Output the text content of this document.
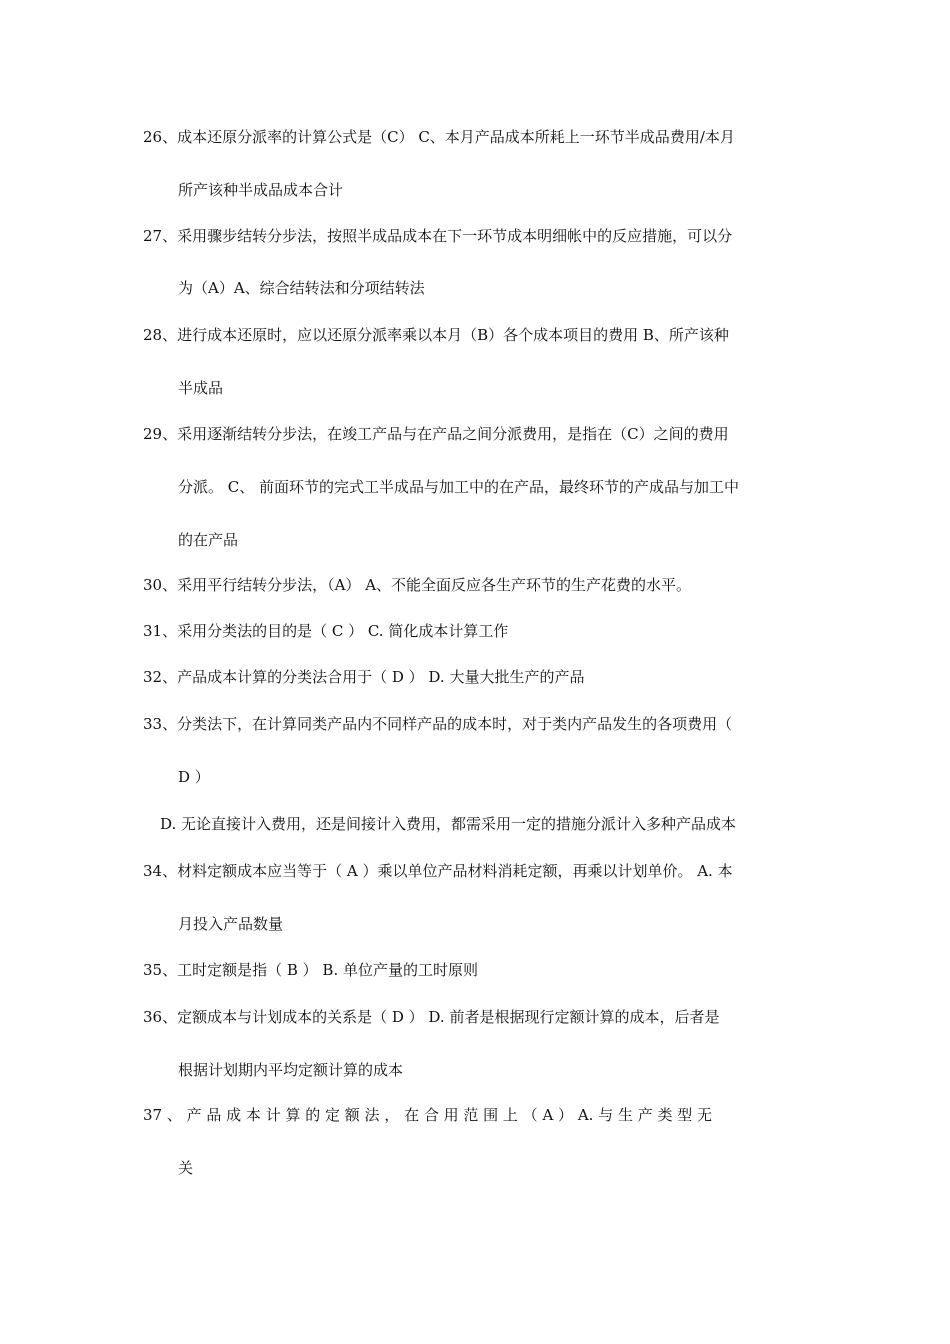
26、成本还原分派率的计算公式是（C） C、本月产品成本所耗上一环节半成品费用/本月
所产该种半成品成本合计
27、采用骤步结转分步法，按照半成品成本在下一环节成本明细帐中的反应措施，可以分
为（A）A、综合结转法和分项结转法
28、进行成本还原时，应以还原分派率乘以本月（B）各个成本项目的费用 B、所产该种
半成品
29、采用逐渐结转分步法，在竣工产品与在产品之间分派费用，是指在（C）之间的费用
分派。 C、 前面环节的完式工半成品与加工中的在产品，最终环节的产成品与加工中
的在产品
30、采用平行结转分步法，（A） A、不能全面反应各生产环节的生产花费的水平。
31、采用分类法的目的是（ C ） C. 简化成本计算工作
32、产品成本计算的分类法合用于（ D ） D. 大量大批生产的产品
33、分类法下，在计算同类产品内不同样产品的成本时，对于类内产品发生的各项费用（
D ）
D. 无论直接计入费用，还是间接计入费用，都需采用一定的措施分派计入多种产品成本
34、材料定额成本应当等于（ A ）乘以单位产品材料消耗定额，再乘以计划单价。 A. 本
月投入产品数量
35、工时定额是指（ B ） B. 单位产量的工时原则
36、定额成本与计划成本的关系是（ D ） D. 前者是根据现行定额计算的成本，后者是
根据计划期内平均定额计算的成本
37 、 产 品 成 本 计 算 的 定 额 法 ， 在 合 用 范 围 上 （ A ） A. 与 生 产 类 型 无
关
